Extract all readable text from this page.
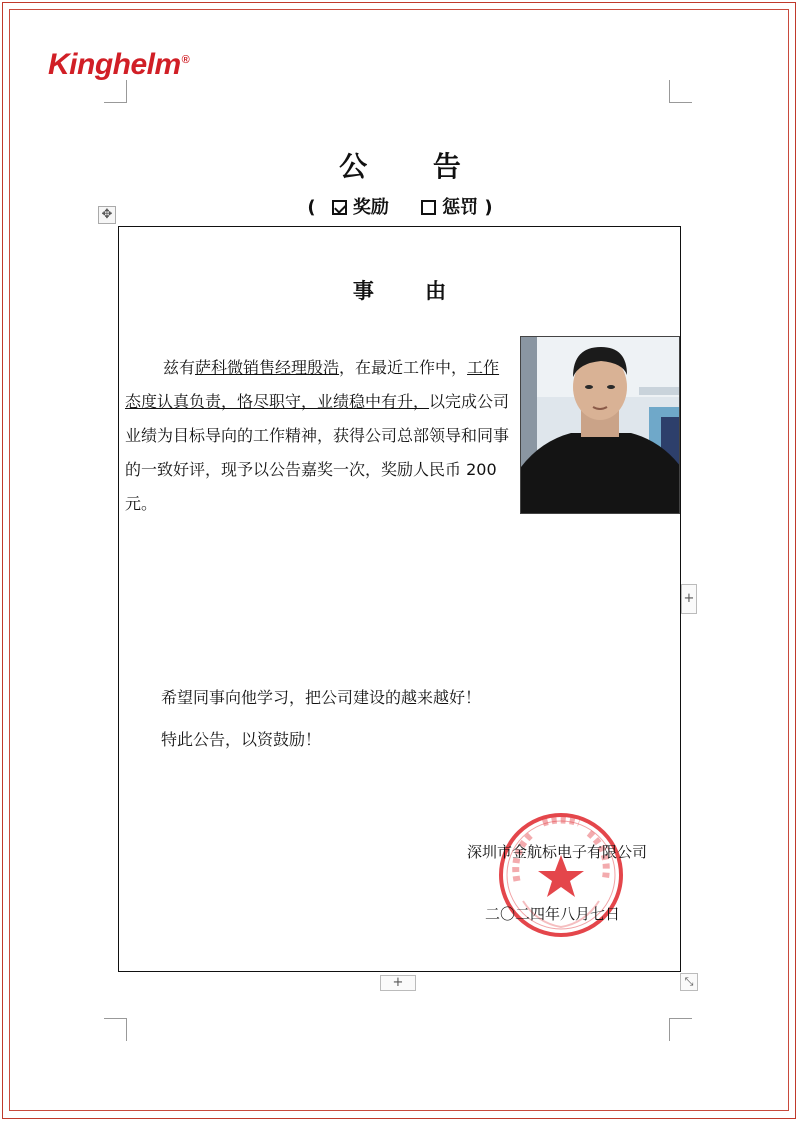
Kinghelm®
公 告
( 奖励	惩罚 )
✥
事 由
兹有萨科微销售经理殷浩，在最近工作中，工作态度认真负责，恪尽职守，业绩稳中有升，以完成公司业绩为目标导向的工作精神，获得公司总部领导和同事的一致好评，现予以公告嘉奖一次，奖励人民币 200元。
希望同事向他学习，把公司建设的越来越好！
特此公告，以资鼓励！
深圳市金航标电子有限公司
二〇二四年八月七日
+
+	⤡
